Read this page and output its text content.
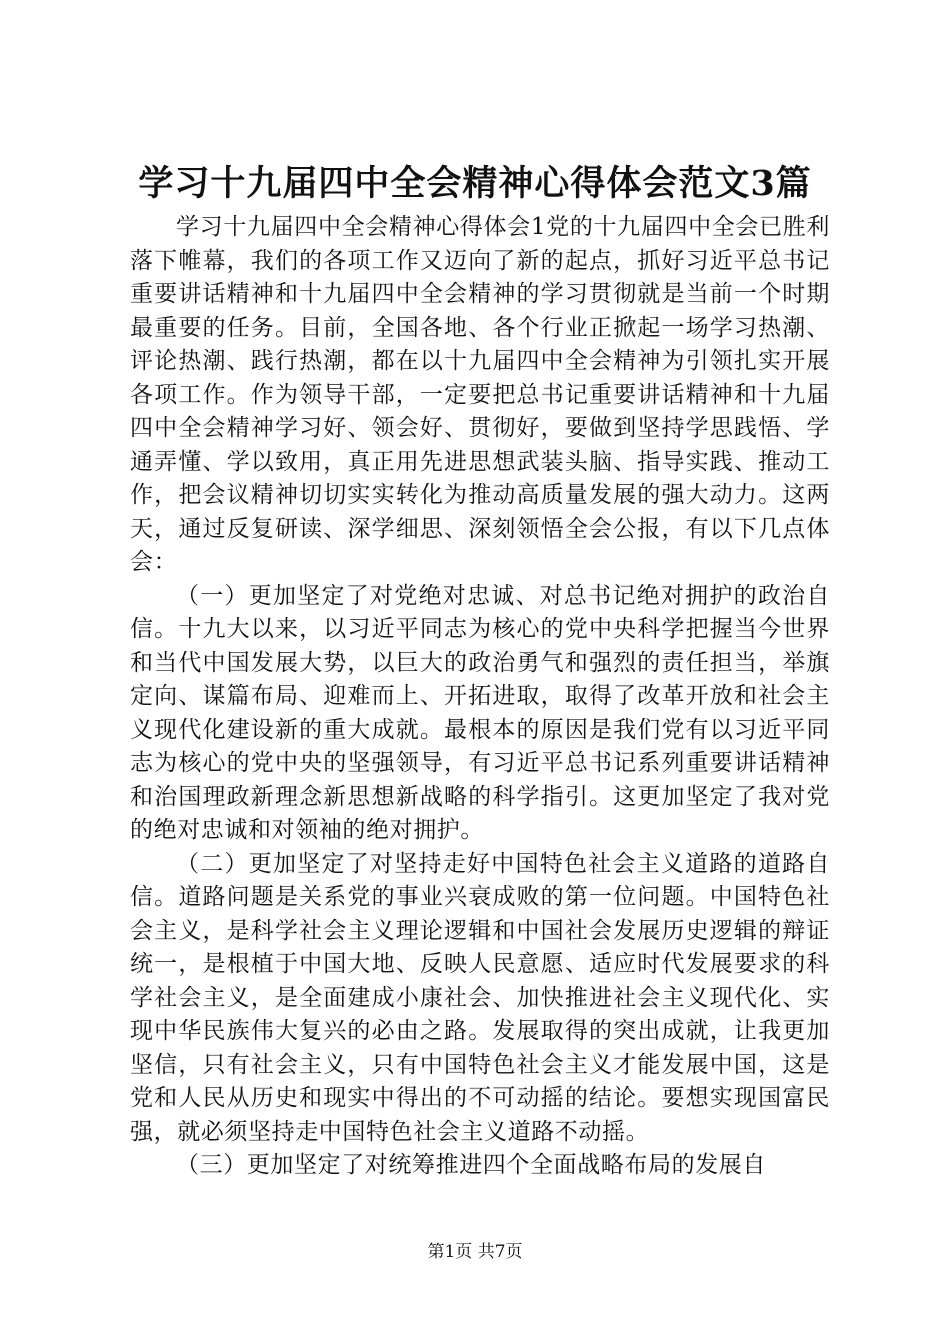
学习十九届四中全会精神心得体会范文3篇

学习十九届四中全会精神心得体会1党的十九届四中全会已胜利落下帷幕，我们的各项工作又迈向了新的起点，抓好习近平总书记重要讲话精神和十九届四中全会精神的学习贯彻就是当前一个时期最重要的任务。目前，全国各地、各个行业正掀起一场学习热潮、评论热潮、践行热潮，都在以十九届四中全会精神为引领扎实开展各项工作。作为领导干部，一定要把总书记重要讲话精神和十九届四中全会精神学习好、领会好、贯彻好，要做到坚持学思践悟、学通弄懂、学以致用，真正用先进思想武装头脑、指导实践、推动工作，把会议精神切切实实转化为推动高质量发展的强大动力。这两天，通过反复研读、深学细思、深刻领悟全会公报，有以下几点体会：

（一）更加坚定了对党绝对忠诚、对总书记绝对拥护的政治自信。十九大以来，以习近平同志为核心的党中央科学把握当今世界和当代中国发展大势，以巨大的政治勇气和强烈的责任担当，举旗定向、谋篇布局、迎难而上、开拓进取，取得了改革开放和社会主义现代化建设新的重大成就。最根本的原因是我们党有以习近平同志为核心的党中央的坚强领导，有习近平总书记系列重要讲话精神和治国理政新理念新思想新战略的科学指引。这更加坚定了我对党的绝对忠诚和对领袖的绝对拥护。

（二）更加坚定了对坚持走好中国特色社会主义道路的道路自信。道路问题是关系党的事业兴衰成败的第一位问题。中国特色社会主义，是科学社会主义理论逻辑和中国社会发展历史逻辑的辩证统一，是根植于中国大地、反映人民意愿、适应时代发展要求的科学社会主义，是全面建成小康社会、加快推进社会主义现代化、实现中华民族伟大复兴的必由之路。发展取得的突出成就，让我更加坚信，只有社会主义，只有中国特色社会主义才能发展中国，这是党和人民从历史和现实中得出的不可动摇的结论。要想实现国富民强，就必须坚持走中国特色社会主义道路不动摇。

（三）更加坚定了对统筹推进四个全面战略布局的发展自

第1页 共7页
